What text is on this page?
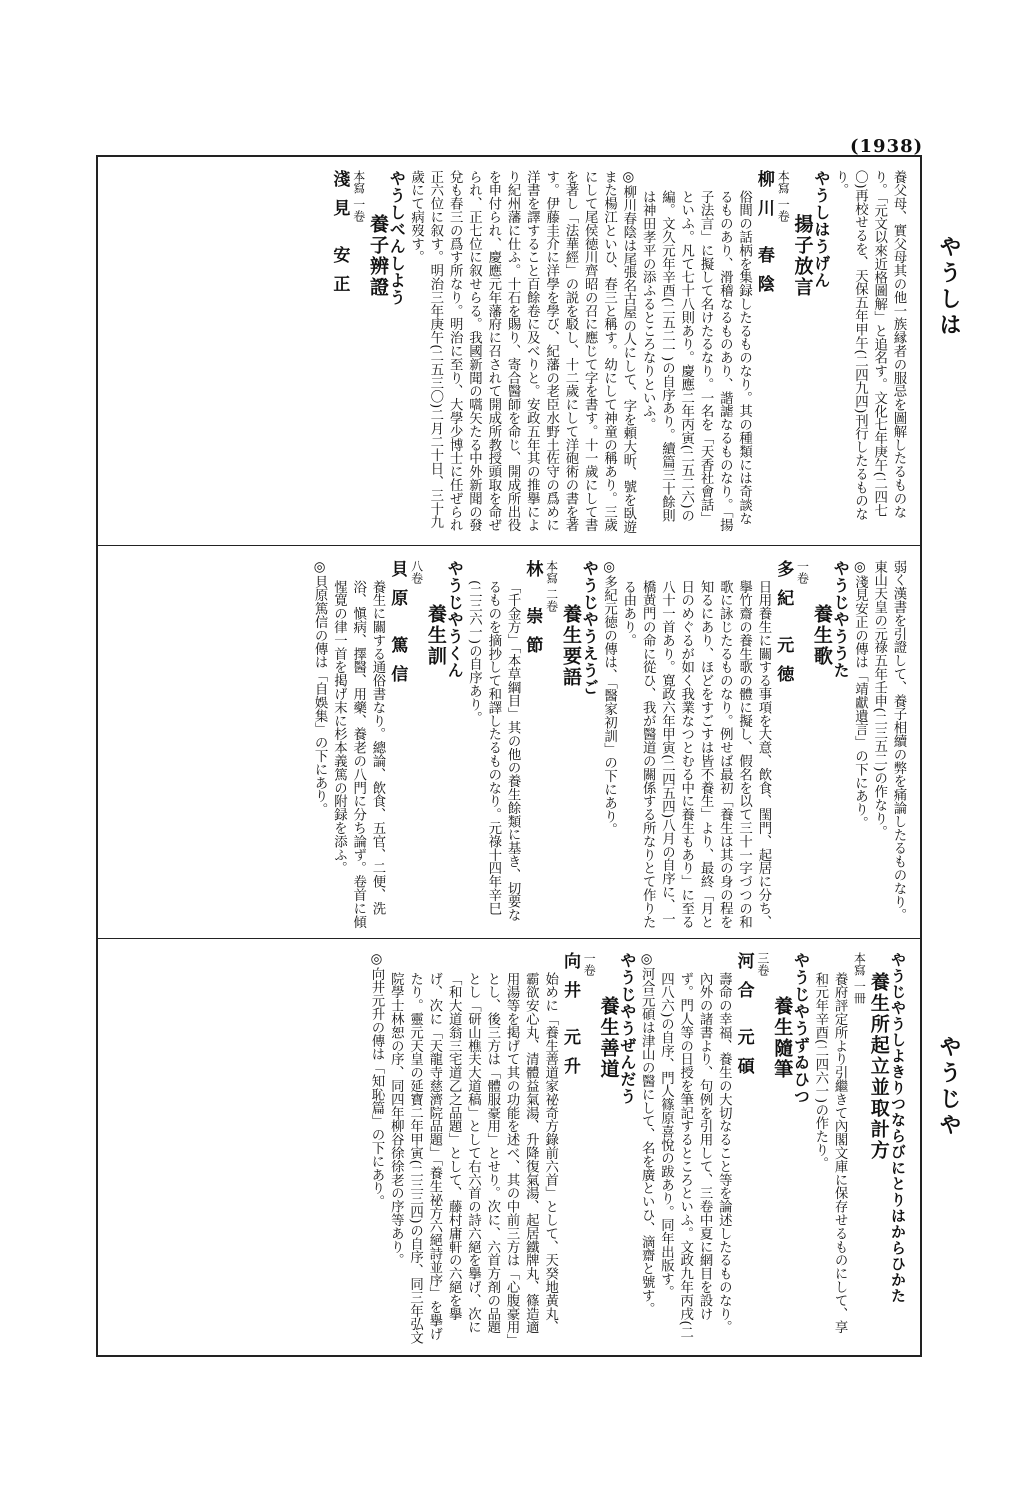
(1938)
やうしは
やうじや
養父母、實父母其の他一族縁者の服忌を圖解したるものなり。「元文以來近格圖解」と追名す。文化七年庚午(二四七〇)再校せるを、天保五年甲午(二四九四)刊行したるものなり。
やうしはうげん
揚子放言
本寫 一卷
柳川 春陰
俗間の話柄を集録したるものなり。其の種類には奇談なるものあり、滑稽なるものあり、諧謔なるものなり。「揚子法言」に擬して名けたるなり。一名を「天香社會話」といふ。凡て七十八則あり。慶應二年丙寅(二五二六)の編。文久元年辛酉(二五二一)の自序あり。續篇三十餘則は神田孝平の添ふるところなりといふ。
◎柳川春陰は尾張名古屋の人にして、字を頼大昕、號を臥遊また楊江といひ、春三と稱す。幼にして神童の稱あり。三歲にして尾侯徳川齊昭の召に應じて字を書す。十一歲にして書を著し「法華經」の説を駁し、十二歲にして洋砲術の書を著す。伊藤圭介に洋學を學び、紀藩の老臣水野土佐守の爲めに洋書を譯すること百餘卷に及べりと。安政五年其の推擧により紀州藩に仕ふ。十石を賜り、寄合醫師を命じ、開成所出役を申付られ、慶應元年藩府に召されて開成所教授頭取を命ぜられ、正七位に叙せらる。我國新聞の嚆矢たる中外新聞の發兌も春三の爲す所なり。明治に至り、大學少博士に任ぜられ正六位に叙す。明治三年庚午(二五三〇)二月二十日、三十九歲にて病歿す。
やうしべんしよう
養子辨證
本寫 一卷
淺見 安正
弱く漢書を引證して、養子相續の弊を痛論したるものなり。東山天皇の元祿五年壬申(二三五二)の作なり。
◎淺見安正の傳は「靖獻遺言」の下にあり。
やうじやううた
養生歌
一卷
多紀 元徳
日用養生に關する事項を大意、飲食、閨門、起居に分ち、擧竹齋の養生歌の體に擬し、假名を以て三十一字づつの和歌に詠じたるものなり。例せば最初「養生は其の身の程を知るにあり、ほどをすごすは皆不養生」より、最終「月と日のめぐるが如く我業なつとむる中に養生もあり」に至る八十一首あり。寛政六年甲寅(二四五四)八月の自序に、一橋黄門の命に從ひ、我が醫道の關係する所なりとて作りたる由あり。
◎多紀元徳の傳は、「醫家初訓」の下にあり。
やうじやうえうご
養生要語
本寫 二卷
林 崇節
「千金方」「本草綱目」其の他の養生餘類に基き、切要なるものを摘抄して和譯したるものなり。元祿十四年辛巳(二三六一)の自序あり。
やうじやうくん
養生訓
八卷
貝原 篤信
養生に關する通俗書なり。總論、飲食、五官、二便、洗浴、愼病、擇醫、用藥、養老の八門に分ち論ず。卷首に傾惺寛の律一首を掲げ末に杉本義篤の附録を添ふ。
◎貝原篤信の傳は「自娛集」の下にあり。
やうじやうしよきりつならびにとりはからひかた
養生所起立並取計方
本寫 一冊
養府評定所より引繼きて內閣文庫に保存せるものにして、享和元年辛酉(二四六一)の作たり。
やうじやうずゐひつ
養生隨筆
三卷
河合 元碩
壽命の幸福、養生の大切なること等を論述したるものなり。內外の諸書より、句例を引用して、三卷中夏に網目を設けず。門人等の日授を筆記するところといふ。文政九年丙戌(二四八六)の自序、門人篠原喜悅の跋あり。同年出版す。
◎河合元碩は津山の醫にして、名を廣といひ、滴齋と號す。
やうじやうぜんだう
養生善道
一卷
向井 元升
始めに「養生善道家祕奇方錄前六首」として、天癸地黃丸、霸欲安心丸、清體益氣湯、升降復氣湯、起居鐵牌丸、篠造適用湯等を掲げて其の功能を述べ、其の中前三方は「心腹豪用」とし、後三方は「體服豪用」とせり。次に、六首方剤の品題とし「研山樵夫大道稿」として右六首の詩六絕を擧げ、次に「和大道翁三宅道乙之品題」として、藤村庸軒の六絕を擧げ、次に「天龍寺慈濟院品題」「養生祕方六絕詩並序」を擧げたり。靈元天皇の延寶二年甲寅(二三三四)の自序、同三年弘文院學士林恕の序、同四年柳谷徐徐老の序等あり。
◎向井元升の傳は「知恥篇」の下にあり。
